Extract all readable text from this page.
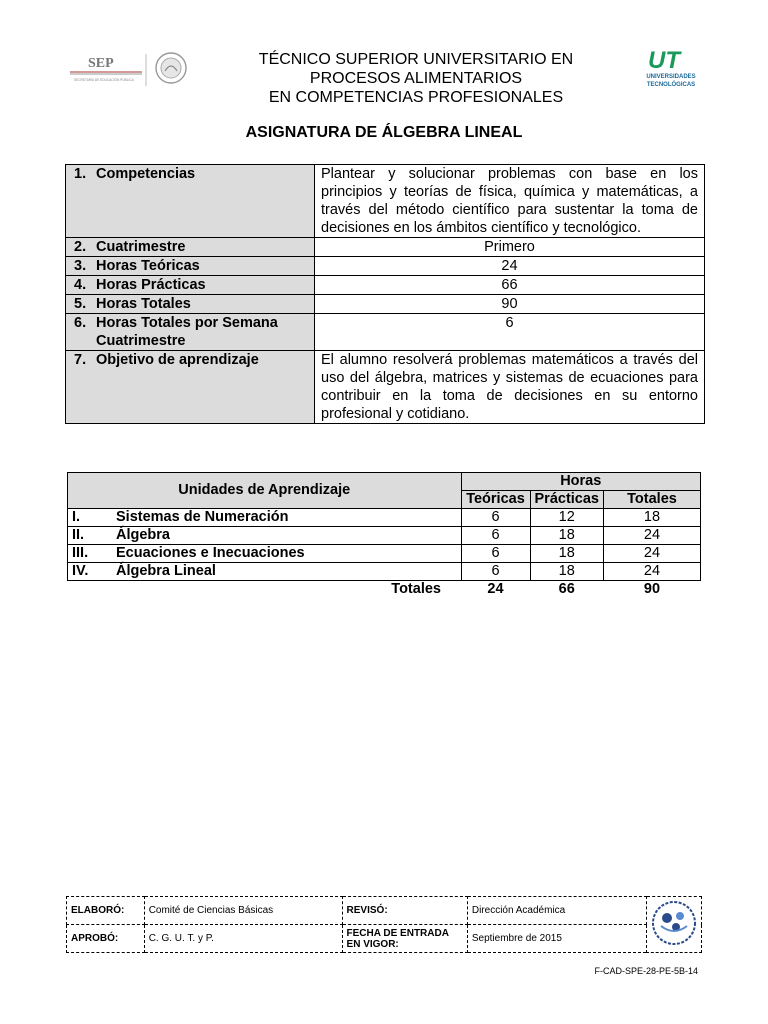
SEP
SECRETARÍA DE EDUCACIÓN PÚBLICA
TÉCNICO SUPERIOR UNIVERSITARIO EN
PROCESOS ALIMENTARIOS
EN COMPETENCIAS PROFESIONALES
UT
UNIVERSIDADES
TECNOLÓGICAS
ASIGNATURA DE ÁLGEBRA LINEAL
1. Competencias	Plantear y solucionar problemas con base en los principios y teorías de física, química y matemáticas, a través del método científico para sustentar la toma de decisiones en los ámbitos científico y tecnológico.
2. Cuatrimestre	Primero
3. Horas Teóricas	24
4. Horas Prácticas	66
5. Horas Totales	90
6. Horas Totales por Semana Cuatrimestre	6
7. Objetivo de aprendizaje	El alumno resolverá problemas matemáticos a través del uso del álgebra, matrices y sistemas de ecuaciones para contribuir en la toma de decisiones en su entorno profesional y cotidiano.
Unidades de Aprendizaje	Horas		
	Teóricas	Prácticas	Totales
I. Sistemas de Numeración	6	12	18
II. Álgebra	6	18	24
III. Ecuaciones e Inecuaciones	6	18	24
IV. Álgebra Lineal	6	18	24
Totales	24	66	90
ELABORÓ:	Comité de Ciencias Básicas	REVISÓ:	Dirección Académica	
APROBÓ:	C. G. U. T. y P.	FECHA DE ENTRADA EN VIGOR:	Septiembre de 2015	
F-CAD-SPE-28-PE-5B-14
